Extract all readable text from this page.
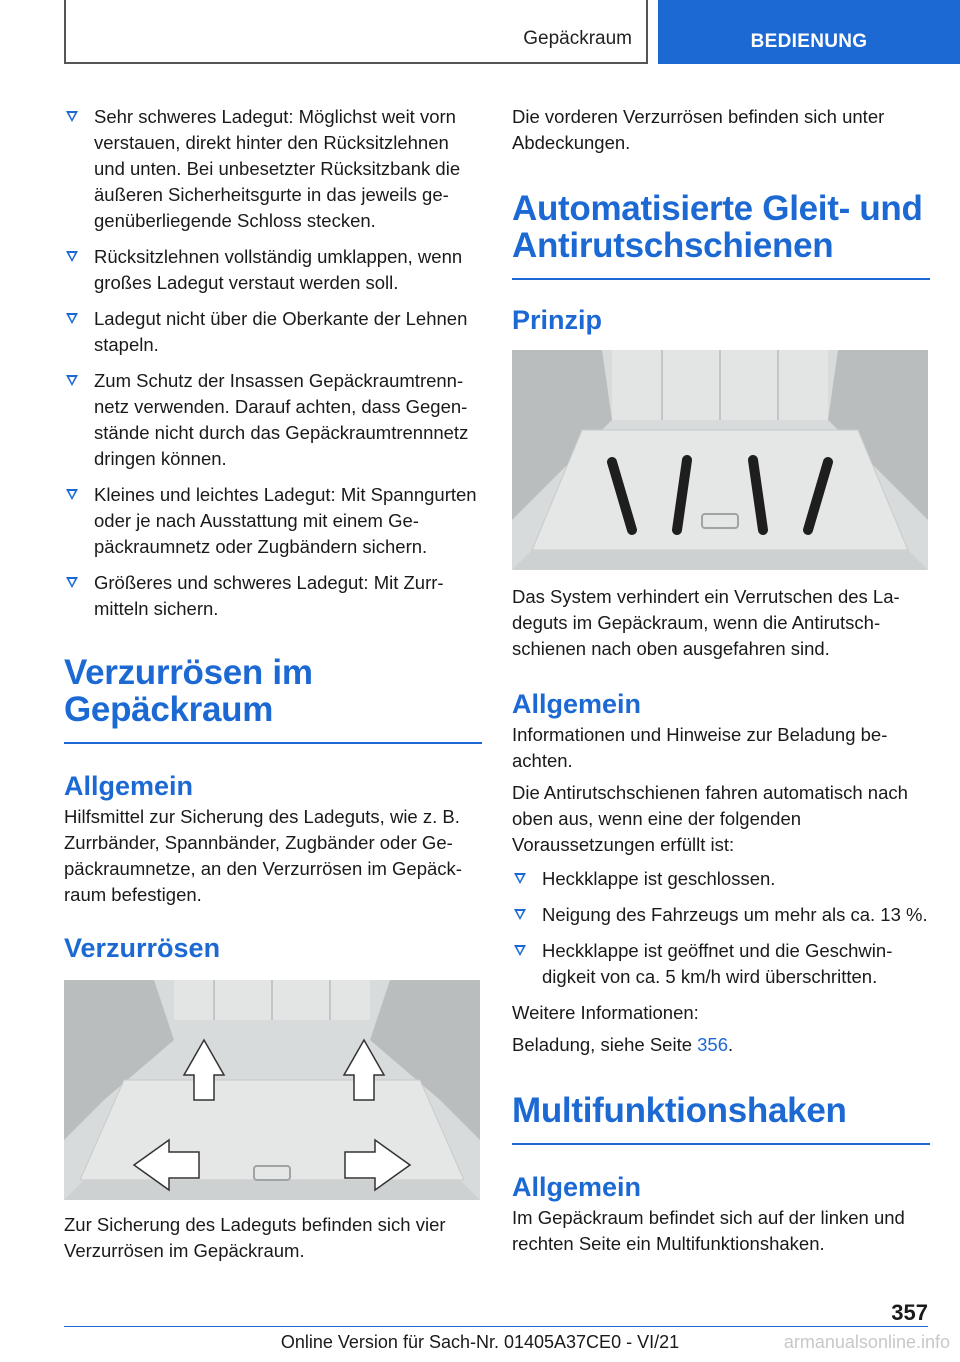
Gepäckraum	BEDIENUNG
Sehr schweres Ladegut: Möglichst weit vorn verstauen, direkt hinter den Rücksitzlehnen und unten. Bei unbesetzter Rücksitzbank die äußeren Sicherheitsgurte in das jeweils gegenüberliegende Schloss stecken.
Rücksitzlehnen vollständig umklappen, wenn großes Ladegut verstaut werden soll.
Ladegut nicht über die Oberkante der Lehnen stapeln.
Zum Schutz der Insassen Gepäckraumtrennnetz verwenden. Darauf achten, dass Gegenstände nicht durch das Gepäckraumtrennnetz dringen können.
Kleines und leichtes Ladegut: Mit Spanngurten oder je nach Ausstattung mit einem Gepäckraumnetz oder Zugbändern sichern.
Größeres und schweres Ladegut: Mit Zurrmitteln sichern.
Verzurrösen im Gepäckraum
Allgemein

Hilfsmittel zur Sicherung des Ladeguts, wie z. B. Zurrbänder, Spannbänder, Zugbänder oder Gepäckraumnetze, an den Verzurrösen im Gepäckraum befestigen.

Verzurrösen

Zur Sicherung des Ladeguts befinden sich vier Verzurrösen im Gepäckraum.

Die vorderen Verzurrösen befinden sich unter Abdeckungen.

Automatisierte Gleit- und Antirutschschienen
Prinzip

Das System verhindert ein Verrutschen des Ladeguts im Gepäckraum, wenn die Antirutschschienen nach oben ausgefahren sind.

Allgemein

Informationen und Hinweise zur Beladung beachten.

Die Antirutschschienen fahren automatisch nach oben aus, wenn eine der folgenden Voraussetzungen erfüllt ist:

Heckklappe ist geschlossen.
Neigung des Fahrzeugs um mehr als ca. 13 %.
Heckklappe ist geöffnet und die Geschwindigkeit von ca. 5 km/h wird überschritten.

Weitere Informationen:

Beladung, siehe Seite 356.

Multifunktionshaken
Allgemein

Im Gepäckraum befindet sich auf der linken und rechten Seite ein Multifunktionshaken.

357
Online Version für Sach-Nr. 01405A37CE0 - VI/21	armanualsonline.info
